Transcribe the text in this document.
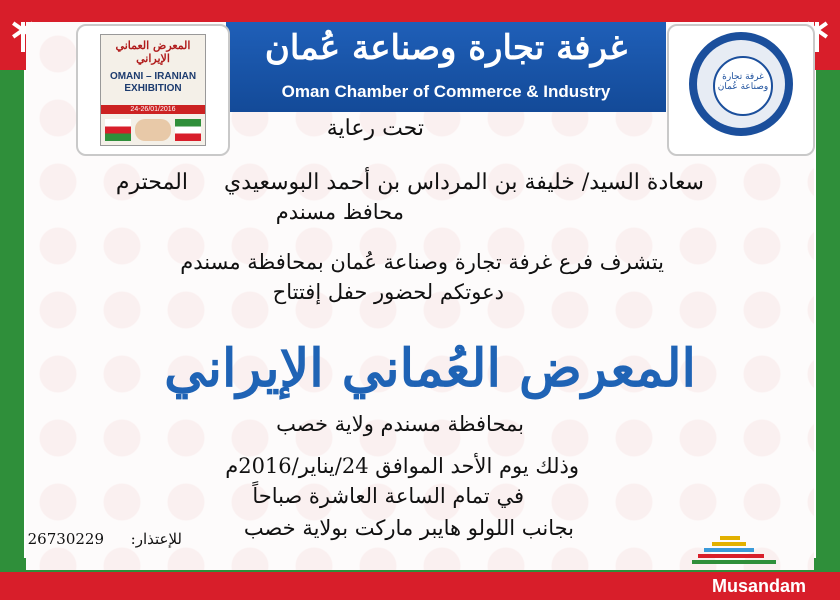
غرفة تجارة وصناعة عُمان
Oman Chamber of Commerce & Industry
المعرض العماني الإيراني
OMANI – IRANIAN
EXHIBITION
24-26/01/2016
غرفة تجارة وصناعة عُمان
تحت رعاية
سعادة السيد/ خليفة بن المرداس بن أحمد البوسعيدي
المحترم
محافظ مسندم
يتشرف فرع غرفة تجارة وصناعة عُمان بمحافظة مسندم
دعوتكم لحضور حفل إفتتاح
المعرض العُماني الإيراني
بمحافظة مسندم ولاية خصب
وذلك يوم الأحد الموافق 24/يناير/2016م
في تمام الساعة العاشرة صباحاً
بجانب اللولو هايبر ماركت بولاية خصب
للإعتذار:
26730229
Musandam
